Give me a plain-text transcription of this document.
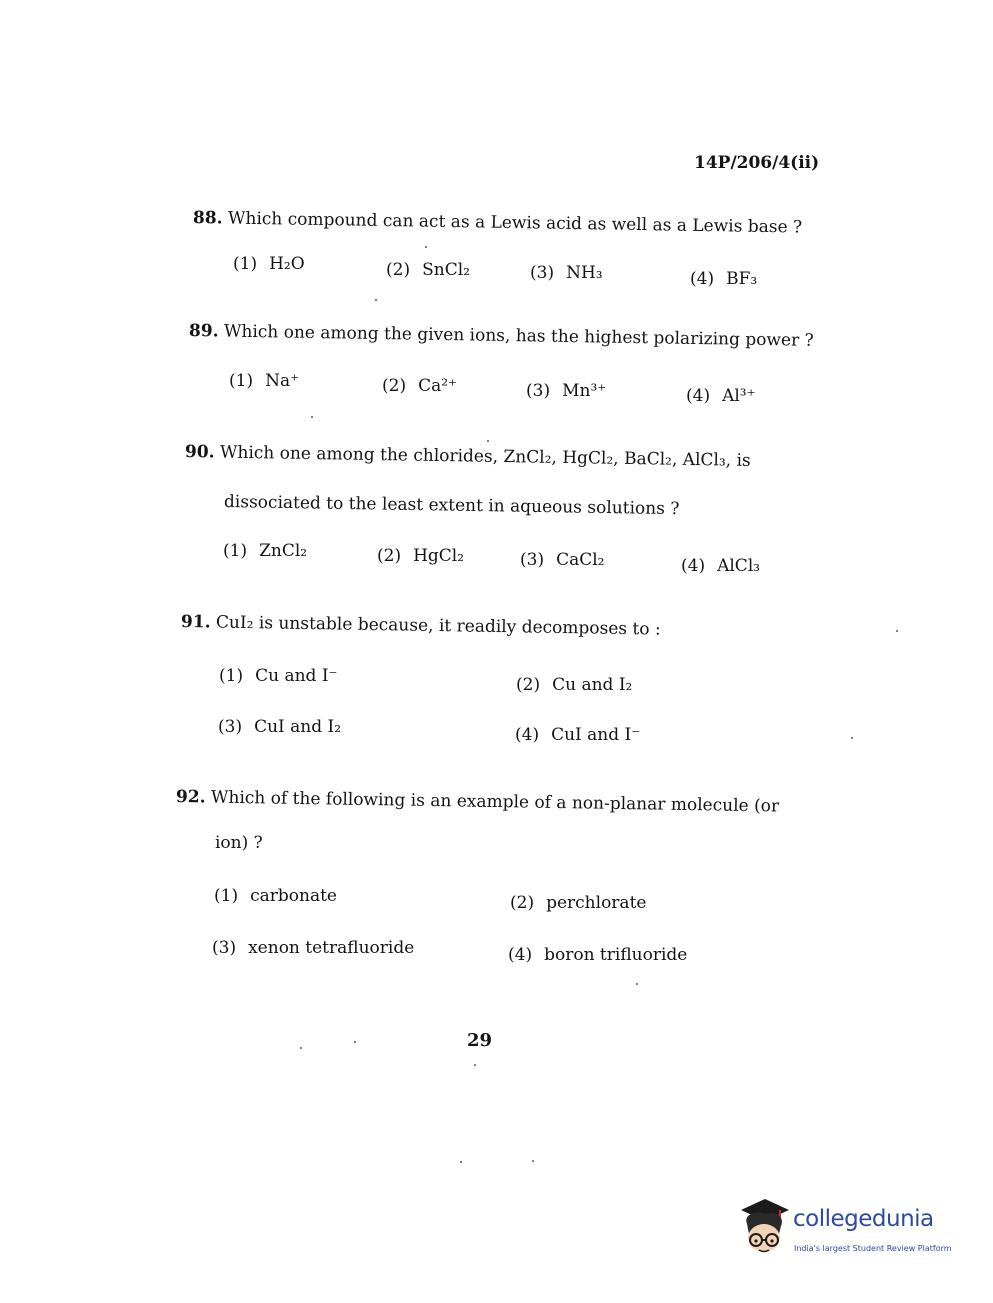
14P/206/4(ii)
88. Which compound can act as a Lewis acid as well as a Lewis base ?
(1) H₂O	(2) SnCl₂	(3) NH₃	(4) BF₃
89. Which one among the given ions, has the highest polarizing power ?
(1) Na⁺	(2) Ca²⁺	(3) Mn³⁺	(4) Al³⁺
90. Which one among the chlorides, ZnCl₂, HgCl₂, BaCl₂, AlCl₃, is
dissociated to the least extent in aqueous solutions ?
(1) ZnCl₂	(2) HgCl₂	(3) CaCl₂	(4) AlCl₃
91. CuI₂ is unstable because, it readily decomposes to :
(1) Cu and I⁻	(2) Cu and I₂
(3) CuI and I₂	(4) CuI and I⁻
92. Which of the following is an example of a non-planar molecule (or
ion) ?
(1) carbonate	(2) perchlorate
(3) xenon tetrafluoride	(4) boron trifluoride
29
collegedunia
India's largest Student Review Platform
